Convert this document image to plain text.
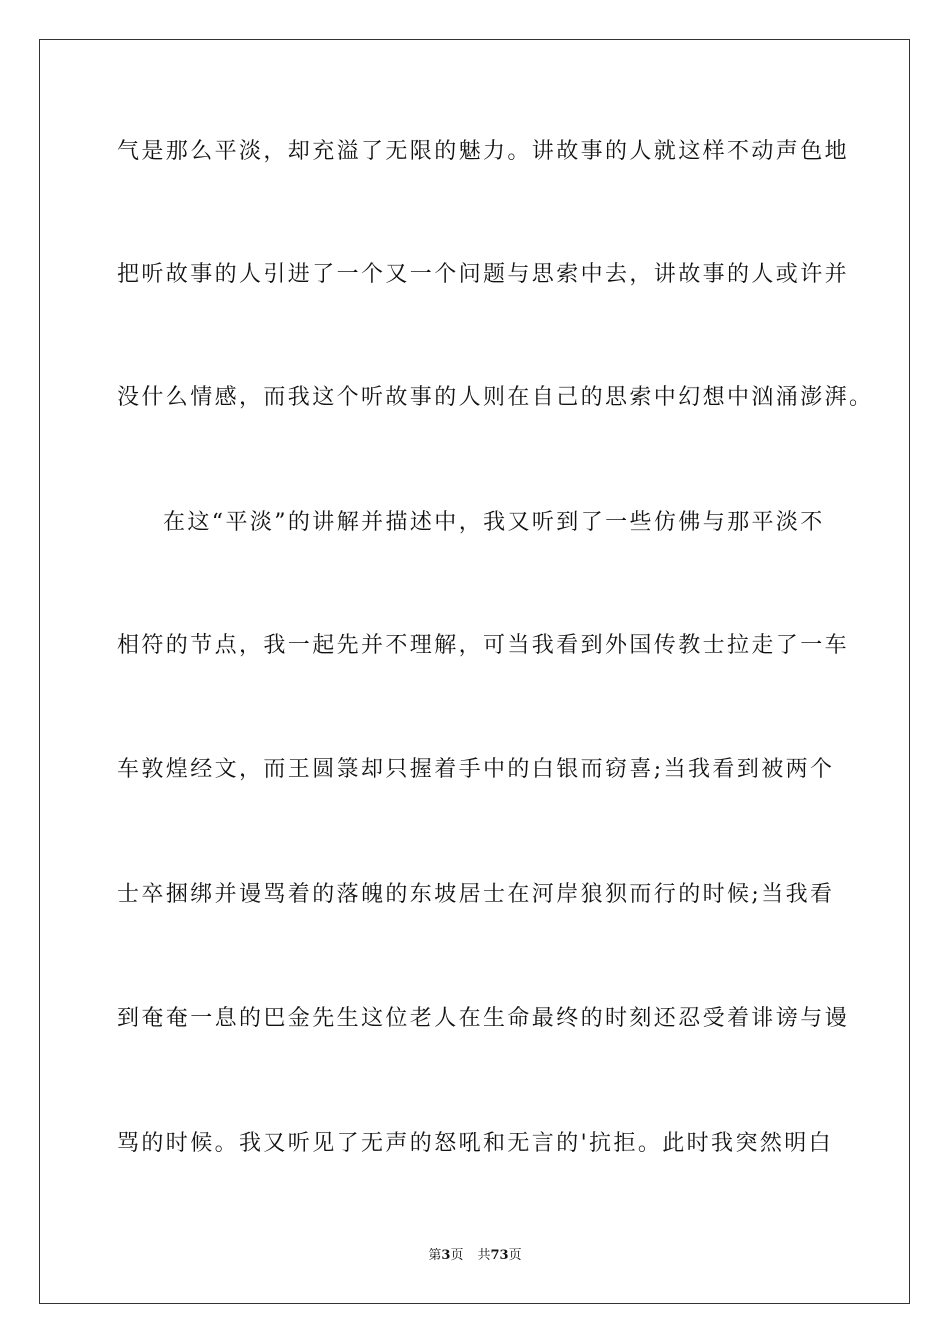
气是那么平淡，却充溢了无限的魅力。讲故事的人就这样不动声色地
把听故事的人引进了一个又一个问题与思索中去，讲故事的人或许并
没什么情感，而我这个听故事的人则在自己的思索中幻想中汹涌澎湃。
在这“平淡”的讲解并描述中，我又听到了一些仿佛与那平淡不
相符的节点，我一起先并不理解，可当我看到外国传教士拉走了一车
车敦煌经文，而王圆箓却只握着手中的白银而窃喜;当我看到被两个
士卒捆绑并谩骂着的落魄的东坡居士在河岸狼狈而行的时候;当我看
到奄奄一息的巴金先生这位老人在生命最终的时刻还忍受着诽谤与谩
骂的时候。我又听见了无声的怒吼和无言的'抗拒。此时我突然明白
第3页 共73页
